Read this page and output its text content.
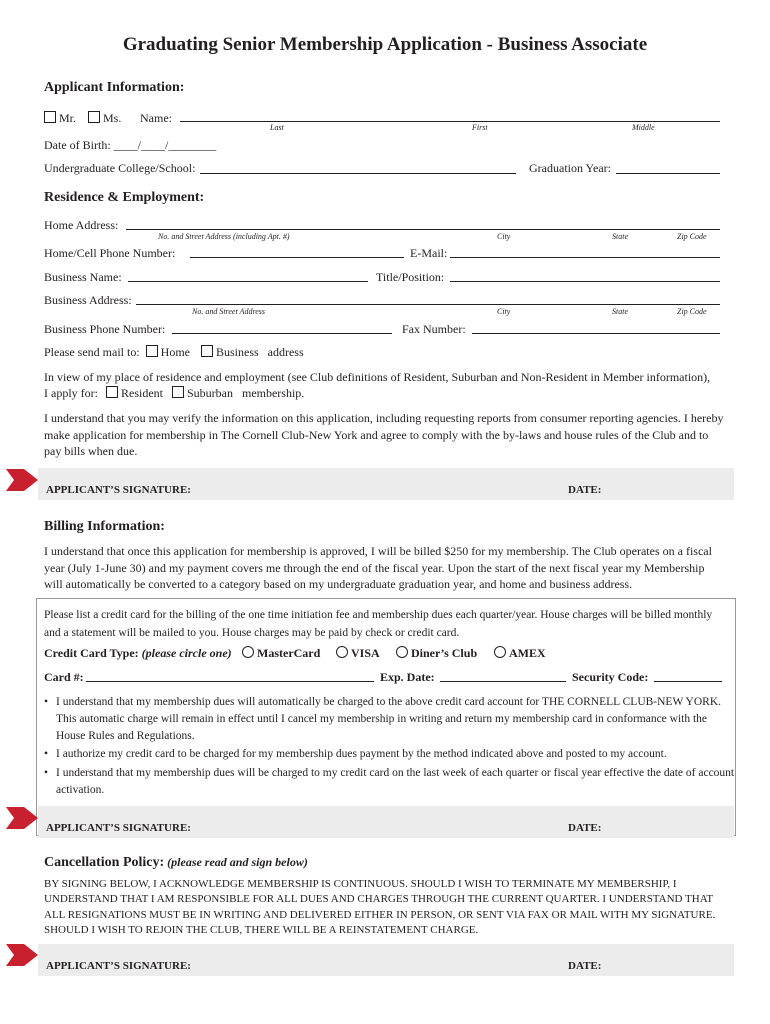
Graduating Senior Membership Application - Business Associate
Applicant Information:
Mr.	Ms. Name:
Last	First	Middle
Date of Birth: ____/____/________
Undergraduate College/School:	Graduation Year:
Residence & Employment:
Home Address:
No. and Street Address (including Apt. #)	City	State	Zip Code
Home/Cell Phone Number:	E-Mail:
Business Name:	Title/Position:
Business Address:
No. and Street Address	City	State	Zip Code
Business Phone Number:	Fax Number:
Please send mail to: Home Business   address
In view of my place of residence and employment (see Club definitions of Resident, Suburban and Non-Resident in Member information),
I apply for: Resident Suburban   membership.
I understand that you may verify the information on this application, including requesting reports from consumer reporting agencies. I hereby make application for membership in The Cornell Club-New York and agree to comply with the by-laws and house rules of the Club and to pay bills when due.
APPLICANT’S SIGNATURE:	DATE:
Billing Information:
I understand that once this application for membership is approved, I will be billed $250 for my membership. The Club operates on a fiscal year (July 1-June 30) and my payment covers me through the end of the fiscal year. Upon the start of the next fiscal year my Membership will automatically be converted to a category based on my undergraduate graduation year, and home and business address.
Please list a credit card for the billing of the one time initiation fee and membership dues each quarter/year. House charges will be billed monthly and a statement will be mailed to you. House charges may be paid by check or credit card.
Credit Card Type: (please circle one)	MasterCard	VISA	Diner’s Club	AMEX
Card #:	Exp. Date:	Security Code:
• I understand that my membership dues will automatically be charged to the above credit card account for THE CORNELL CLUB-NEW YORK. This automatic charge will remain in effect until I cancel my membership in writing and return my membership card in conformance with the House Rules and Regulations.
• I authorize my credit card to be charged for my membership dues payment by the method indicated above and posted to my account.
• I understand that my membership dues will be charged to my credit card on the last week of each quarter or fiscal year effective the date of account activation.
APPLICANT’S SIGNATURE:	DATE:
Cancellation Policy: (please read and sign below)
BY SIGNING BELOW, I ACKNOWLEDGE MEMBERSHIP IS CONTINUOUS. SHOULD I WISH TO TERMINATE MY MEMBERSHIP, I UNDERSTAND THAT I AM RESPONSIBLE FOR ALL DUES AND CHARGES THROUGH THE CURRENT QUARTER. I UNDERSTAND THAT ALL RESIGNATIONS MUST BE IN WRITING AND DELIVERED EITHER IN PERSON, OR SENT VIA FAX OR MAIL WITH MY SIGNATURE. SHOULD I WISH TO REJOIN THE CLUB, THERE WILL BE A REINSTATEMENT CHARGE.
APPLICANT’S SIGNATURE:	DATE:
